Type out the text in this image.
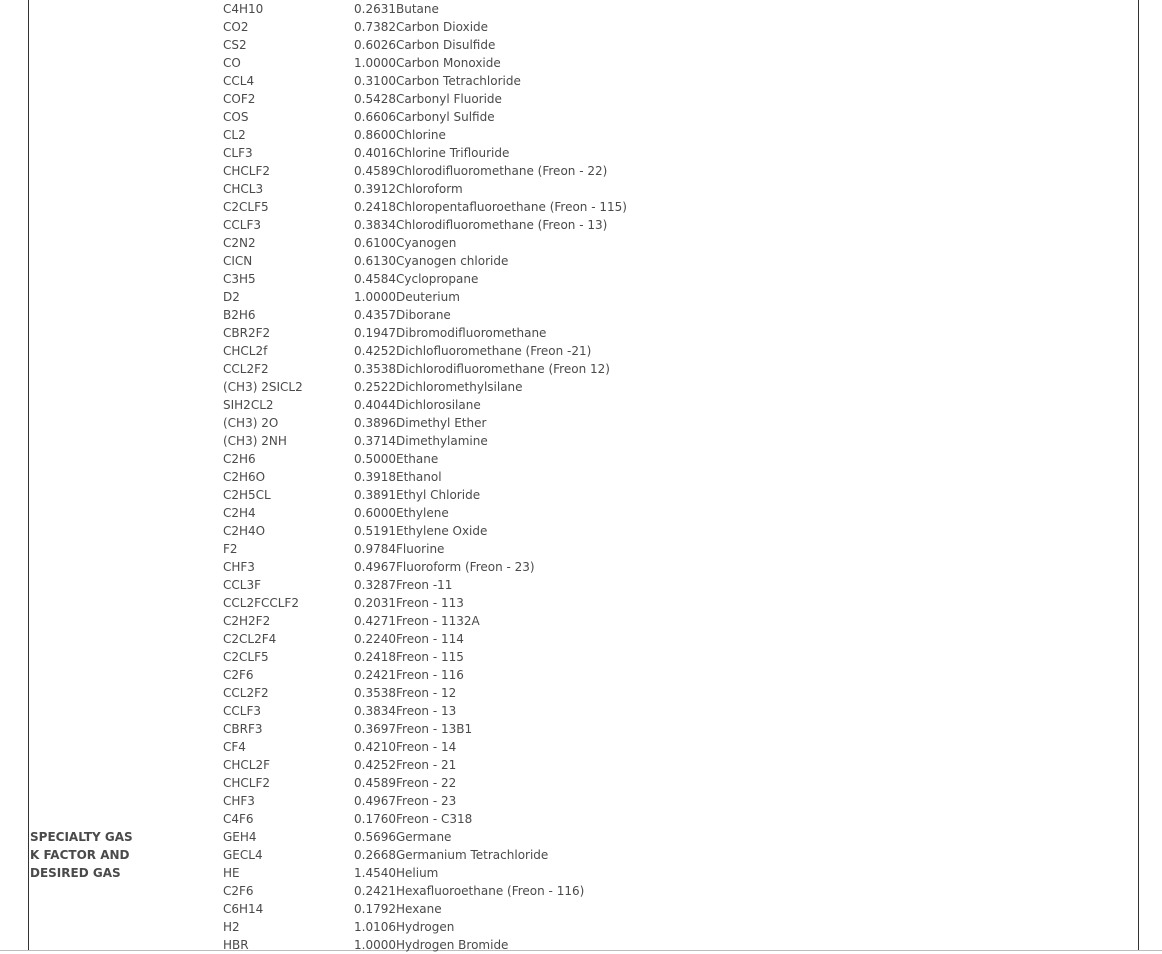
SPECIALTY GAS
K FACTOR AND
DESIRED GAS
C4H10	0.2631Butane
CO2	0.7382Carbon Dioxide
CS2	0.6026Carbon Disulfide
CO	1.0000Carbon Monoxide
CCL4	0.3100Carbon Tetrachloride
COF2	0.5428Carbonyl Fluoride
COS	0.6606Carbonyl Sulfide
CL2	0.8600Chlorine
CLF3	0.4016Chlorine Triflouride
CHCLF2	0.4589Chlorodifluoromethane (Freon - 22)
CHCL3	0.3912Chloroform
C2CLF5	0.2418Chloropentafluoroethane (Freon - 115)
CCLF3	0.3834Chlorodifluoromethane (Freon - 13)
C2N2	0.6100Cyanogen
CICN	0.6130Cyanogen chloride
C3H5	0.4584Cyclopropane
D2	1.0000Deuterium
B2H6	0.4357Diborane
CBR2F2	0.1947Dibromodifluoromethane
CHCL2f	0.4252Dichlofluoromethane (Freon -21)
CCL2F2	0.3538Dichlorodifluoromethane (Freon 12)
(CH3) 2SICL2	0.2522Dichloromethylsilane
SIH2CL2	0.4044Dichlorosilane
(CH3) 2O	0.3896Dimethyl Ether
(CH3) 2NH	0.3714Dimethylamine
C2H6	0.5000Ethane
C2H6O	0.3918Ethanol
C2H5CL	0.3891Ethyl Chloride
C2H4	0.6000Ethylene
C2H4O	0.5191Ethylene Oxide
F2	0.9784Fluorine
CHF3	0.4967Fluoroform (Freon - 23)
CCL3F	0.3287Freon -11
CCL2FCCLF2	0.2031Freon - 113
C2H2F2	0.4271Freon - 1132A
C2CL2F4	0.2240Freon - 114
C2CLF5	0.2418Freon - 115
C2F6	0.2421Freon - 116
CCL2F2	0.3538Freon - 12
CCLF3	0.3834Freon - 13
CBRF3	0.3697Freon - 13B1
CF4	0.4210Freon - 14
CHCL2F	0.4252Freon - 21
CHCLF2	0.4589Freon - 22
CHF3	0.4967Freon - 23
C4F6	0.1760Freon - C318
GEH4	0.5696Germane
GECL4	0.2668Germanium Tetrachloride
HE	1.4540Helium
C2F6	0.2421Hexafluoroethane (Freon - 116)
C6H14	0.1792Hexane
H2	1.0106Hydrogen
HBR	1.0000Hydrogen Bromide
